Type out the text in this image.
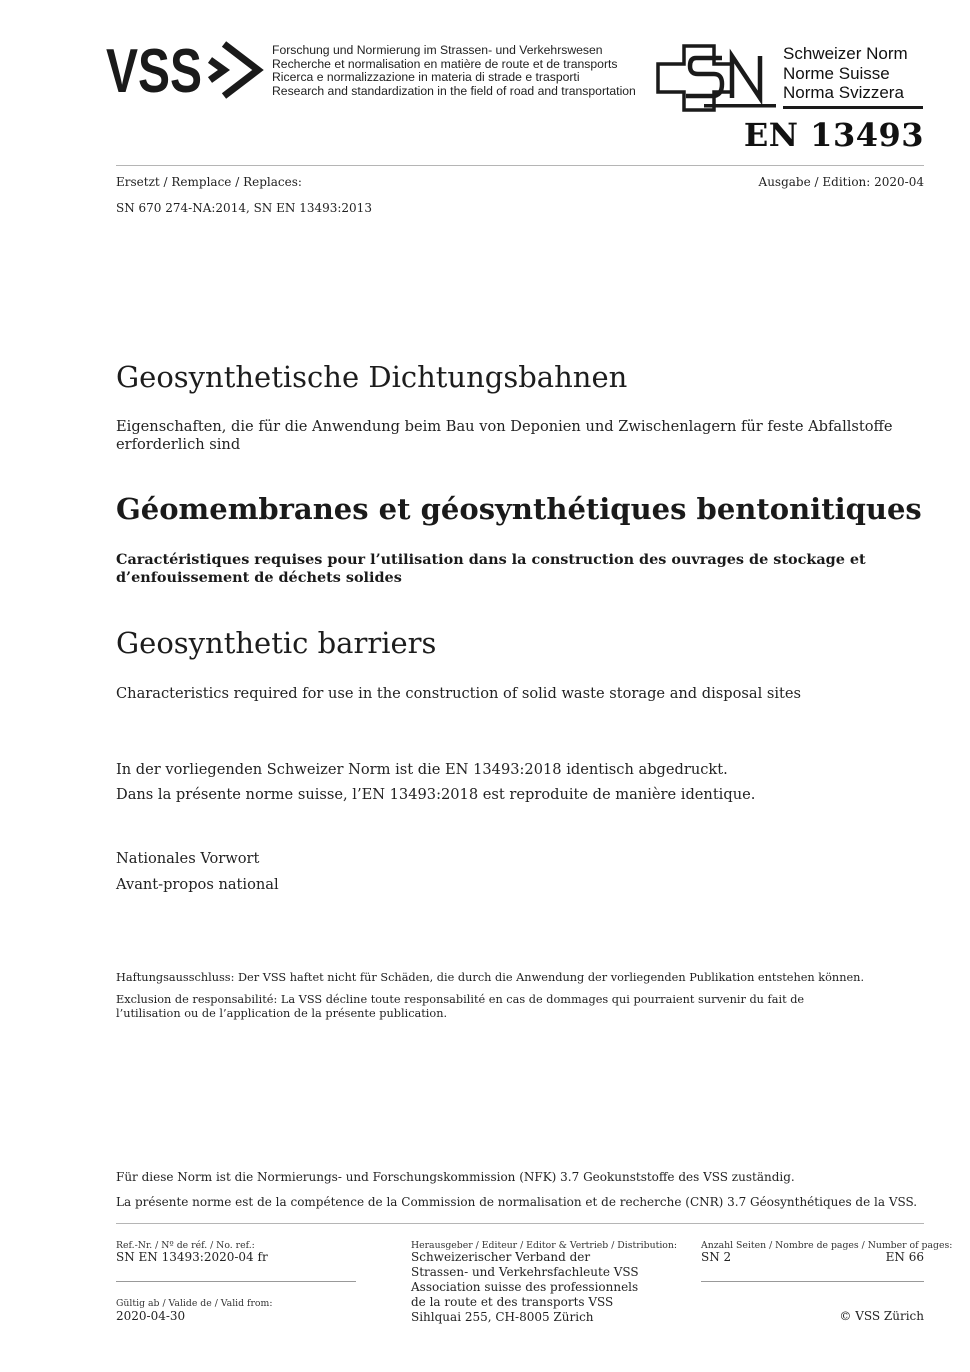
VSS	Forschung und Normierung im Strassen- und Verkehrswesen
Recherche et normalisation en matière de route et de transports
Ricerca e normalizzazione in materia di strade e trasporti
Research and standardization in the field of road and transportation
Schweizer Norm
Norme Suisse
Norma Svizzera
EN 13493
Ersetzt / Remplace / Replaces:	Ausgabe / Edition: 2020-04
SN 670 274-NA:2014, SN EN 13493:2013
Geosynthetische Dichtungsbahnen
Eigenschaften, die für die Anwendung beim Bau von Deponien und Zwischenlagern für feste Abfallstoffe erforderlich sind
Géomembranes et géosynthétiques bentonitiques
Caractéristiques requises pour l’utilisation dans la construction des ouvrages de stockage et d’enfouissement de déchets solides
Geosynthetic barriers
Characteristics required for use in the construction of solid waste storage and disposal sites
In der vorliegenden Schweizer Norm ist die EN 13493:2018 identisch abgedruckt.
Dans la présente norme suisse, l’EN 13493:2018 est reproduite de manière identique.
Nationales Vorwort
Avant-propos national
Haftungsausschluss: Der VSS haftet nicht für Schäden, die durch die Anwendung der vorliegenden Publikation entstehen können.
Exclusion de responsabilité: La VSS décline toute responsabilité en cas de dommages qui pourraient survenir du fait de l’utilisation ou de l’application de la présente publication.
Für diese Norm ist die Normierungs- und Forschungskommission (NFK) 3.7 Geokunststoffe des VSS zuständig.
La présente norme est de la compétence de la Commission de normalisation et de recherche (CNR) 3.7 Géosynthétiques de la VSS.
Ref.-Nr. / Nº de réf. / No. ref.:
SN EN 13493:2020-04 fr
Gültig ab / Valide de / Valid from:
2020-04-30
Herausgeber / Editeur / Editor & Vertrieb / Distribution:
Schweizerischer Verband der
Strassen- und Verkehrsfachleute VSS
Association suisse des professionnels
de la route et des transports VSS
Sihlquai 255, CH-8005 Zürich
Anzahl Seiten / Nombre de pages / Number of pages:
SN 2	EN 66
© VSS Zürich
